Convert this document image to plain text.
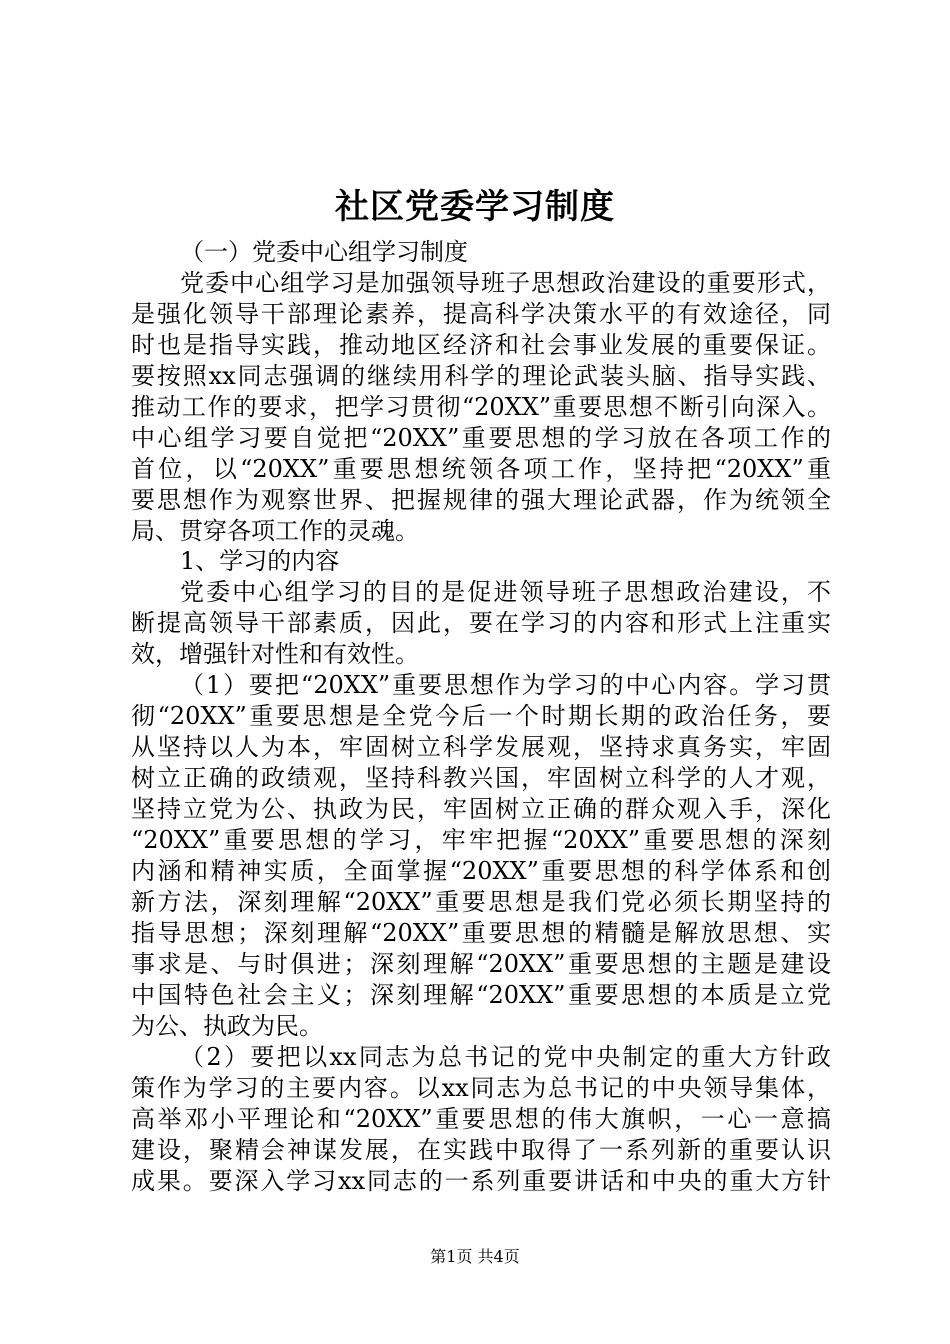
社区党委学习制度
（一）党委中心组学习制度
党委中心组学习是加强领导班子思想政治建设的重要形式，
是强化领导干部理论素养，提高科学决策水平的有效途径，同
时也是指导实践，推动地区经济和社会事业发展的重要保证。
要按照xx同志强调的继续用科学的理论武装头脑、指导实践、
推动工作的要求，把学习贯彻“20XX”重要思想不断引向深入。
中心组学习要自觉把“20XX”重要思想的学习放在各项工作的
首位，以“20XX”重要思想统领各项工作，坚持把“20XX”重
要思想作为观察世界、把握规律的强大理论武器，作为统领全
局、贯穿各项工作的灵魂。
1、学习的内容
党委中心组学习的目的是促进领导班子思想政治建设，不
断提高领导干部素质，因此，要在学习的内容和形式上注重实
效，增强针对性和有效性。
（1）要把“20XX”重要思想作为学习的中心内容。学习贯
彻“20XX”重要思想是全党今后一个时期长期的政治任务，要
从坚持以人为本，牢固树立科学发展观，坚持求真务实，牢固
树立正确的政绩观，坚持科教兴国，牢固树立科学的人才观，
坚持立党为公、执政为民，牢固树立正确的群众观入手，深化
“20XX”重要思想的学习，牢牢把握“20XX”重要思想的深刻
内涵和精神实质，全面掌握“20XX”重要思想的科学体系和创
新方法，深刻理解“20XX”重要思想是我们党必须长期坚持的
指导思想；深刻理解“20XX”重要思想的精髓是解放思想、实
事求是、与时俱进；深刻理解“20XX”重要思想的主题是建设
中国特色社会主义；深刻理解“20XX”重要思想的本质是立党
为公、执政为民。
（2）要把以xx同志为总书记的党中央制定的重大方针政
策作为学习的主要内容。以xx同志为总书记的中央领导集体，
高举邓小平理论和“20XX”重要思想的伟大旗帜，一心一意搞
建设，聚精会神谋发展，在实践中取得了一系列新的重要认识
成果。要深入学习xx同志的一系列重要讲话和中央的重大方针
第1页 共4页
